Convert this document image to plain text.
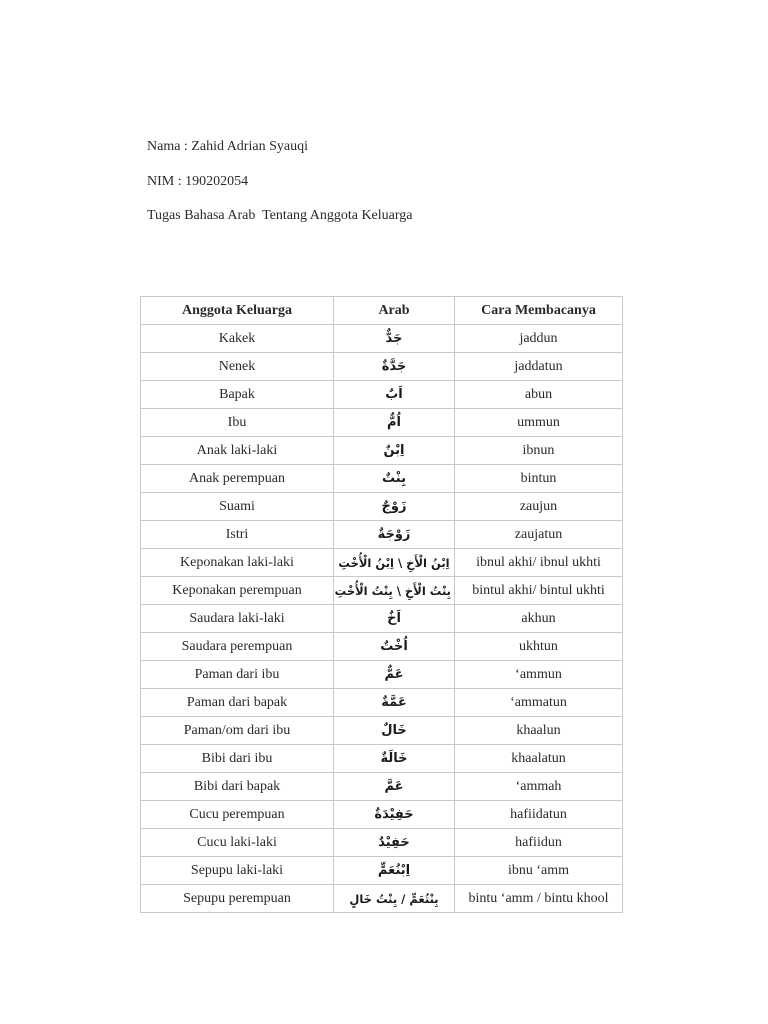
Nama : Zahid Adrian Syauqi
NIM : 190202054
Tugas Bahasa Arab  Tentang Anggota Keluarga
Anggota Keluarga	Arab	Cara Membacanya
Kakek	جَدٌّ	jaddun
Nenek	جَدَّةٌ	jaddatun
Bapak	اَبٌ	abun
Ibu	اُمٌّ	ummun
Anak laki-laki	اِبْنٌ	ibnun
Anak perempuan	بِنْتٌ	bintun
Suami	زَوْجٌ	zaujun
Istri	زَوْجَةٌ	zaujatun
Keponakan laki-laki	اِبْنُ الْأَخِ \ اِبْنُ الْأُخْتِ	ibnul akhi/ ibnul ukhti
Keponakan perempuan	بِنْتُ الْأَخِ \ بِنْتُ الْأُخْتِ	bintul akhi/ bintul ukhti
Saudara laki-laki	اَخٌ	akhun
Saudara perempuan	اُخْتٌ	ukhtun
Paman dari ibu	عَمٌّ	‘ammun
Paman dari bapak	عَمَّةٌ	‘ammatun
Paman/om dari ibu	خَالٌ	khaalun
Bibi dari ibu	خَالَةٌ	khaalatun
Bibi dari bapak	عَمَّ	‘ammah
Cucu perempuan	حَفِيْدَةٌ	hafiidatun
Cucu laki-laki	حَفِيْدٌ	hafiidun
Sepupu laki-laki	اِبْنُعَمٍّ	ibnu ‘amm
Sepupu perempuan	بِنْتُعَمٍّ / بِنْتُ خَالٍ	bintu ‘amm / bintu khool
